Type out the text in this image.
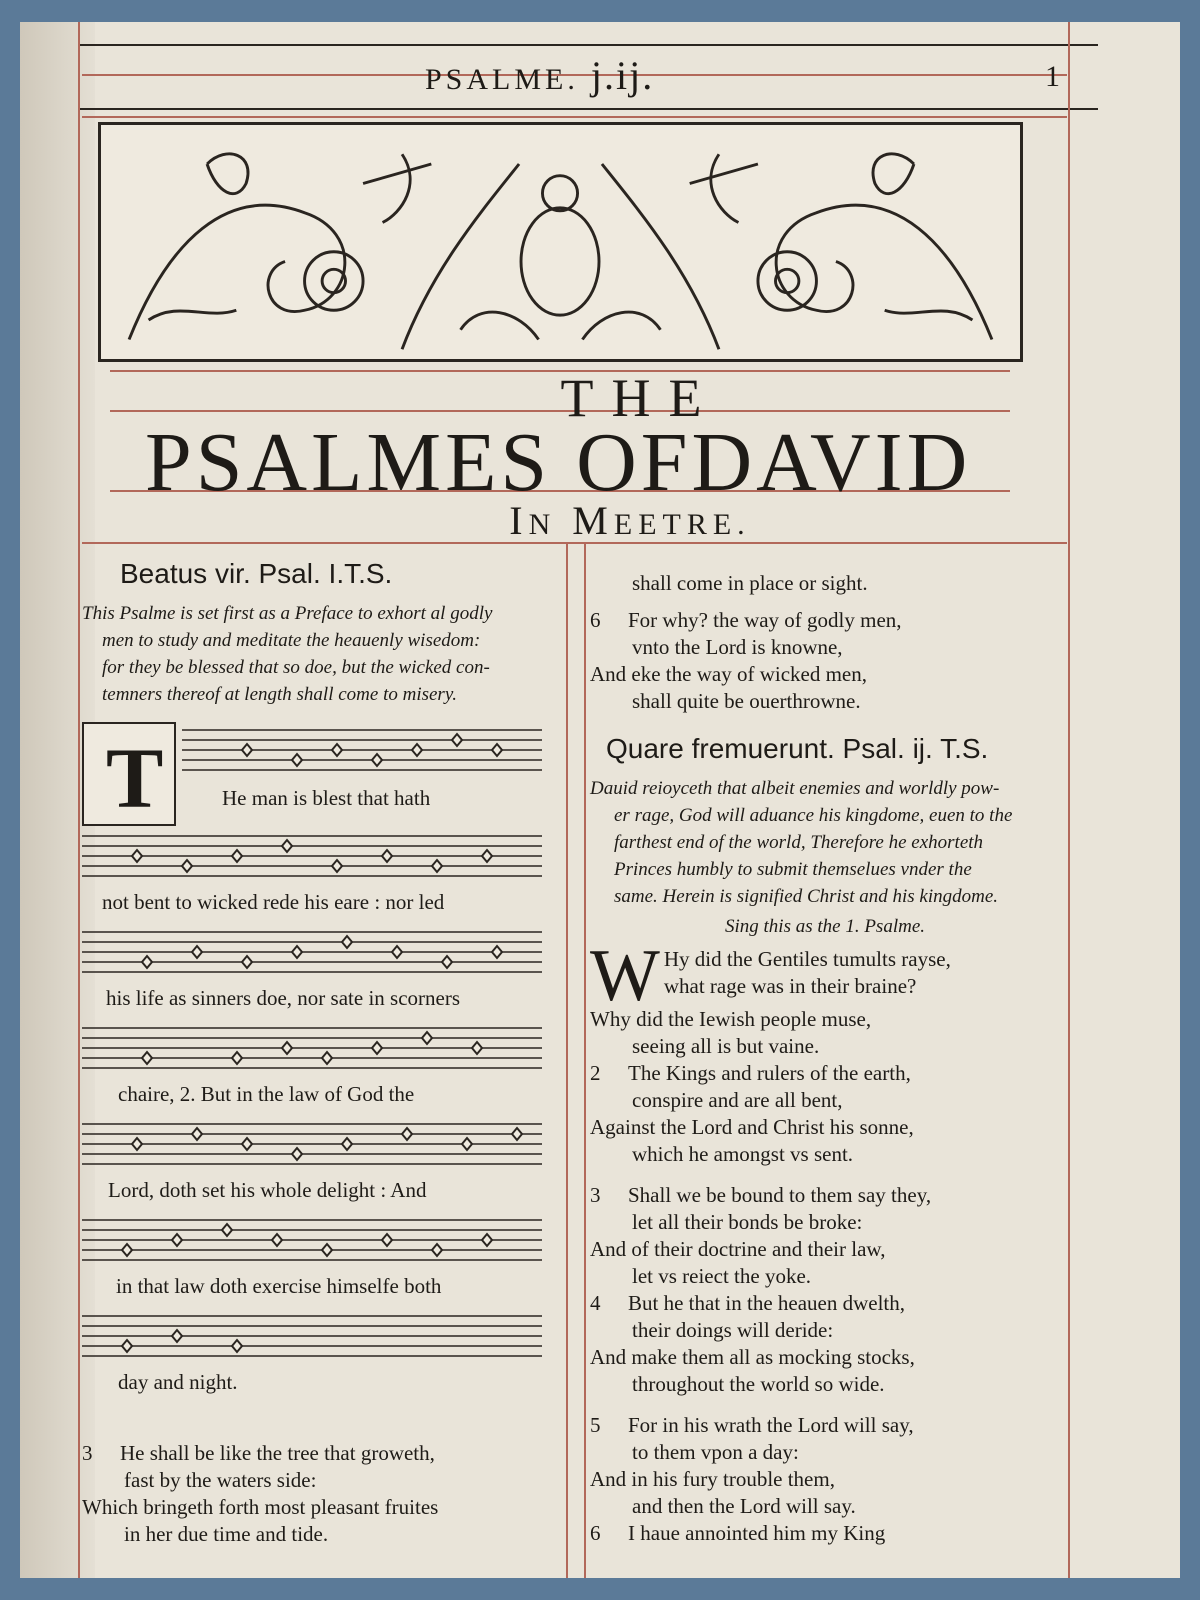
PSALME. j.ij.	1
THE
PSALMES OFDAVID
IN MEETRE.
Beatus vir. Psal. I.T.S.
This Psalme is set first as a Preface to exhort al godly
men to study and meditate the heauenly wisedom:
for they be blessed that so doe, but the wicked con-
temners thereof at length shall come to misery.
T	He man is blest that hath
not bent to wicked rede his eare : nor led
his life as sinners doe, nor sate in scorners
chaire, 2. But in the law of God the
Lord, doth set his whole delight : And
in that law doth exercise himselfe both
day and night.
3 He shall be like the tree that groweth,
fast by the waters side:
Which bringeth forth most pleasant fruites
in her due time and tide.
shall come in place or sight.
6 For why? the way of godly men,
vnto the Lord is knowne,
And eke the way of wicked men,
shall quite be ouerthrowne.
Quare fremuerunt. Psal. ij. T.S.
Dauid reioyceth that albeit enemies and worldly pow-
er rage, God will aduance his kingdome, euen to the
farthest end of the world, Therefore he exhorteth
Princes humbly to submit themselues vnder the
same. Herein is signified Christ and his kingdome.
Sing this as the 1. Psalme.
W Hy did the Gentiles tumults rayse,
what rage was in their braine?
Why did the Iewish people muse,
seeing all is but vaine.
2 The Kings and rulers of the earth,
conspire and are all bent,
Against the Lord and Christ his sonne,
which he amongst vs sent.
3 Shall we be bound to them say they,
let all their bonds be broke:
And of their doctrine and their law,
let vs reiect the yoke.
4 But he that in the heauen dwelth,
their doings will deride:
And make them all as mocking stocks,
throughout the world so wide.
5 For in his wrath the Lord will say,
to them vpon a day:
And in his fury trouble them,
and then the Lord will say.
6 I haue annointed him my King
